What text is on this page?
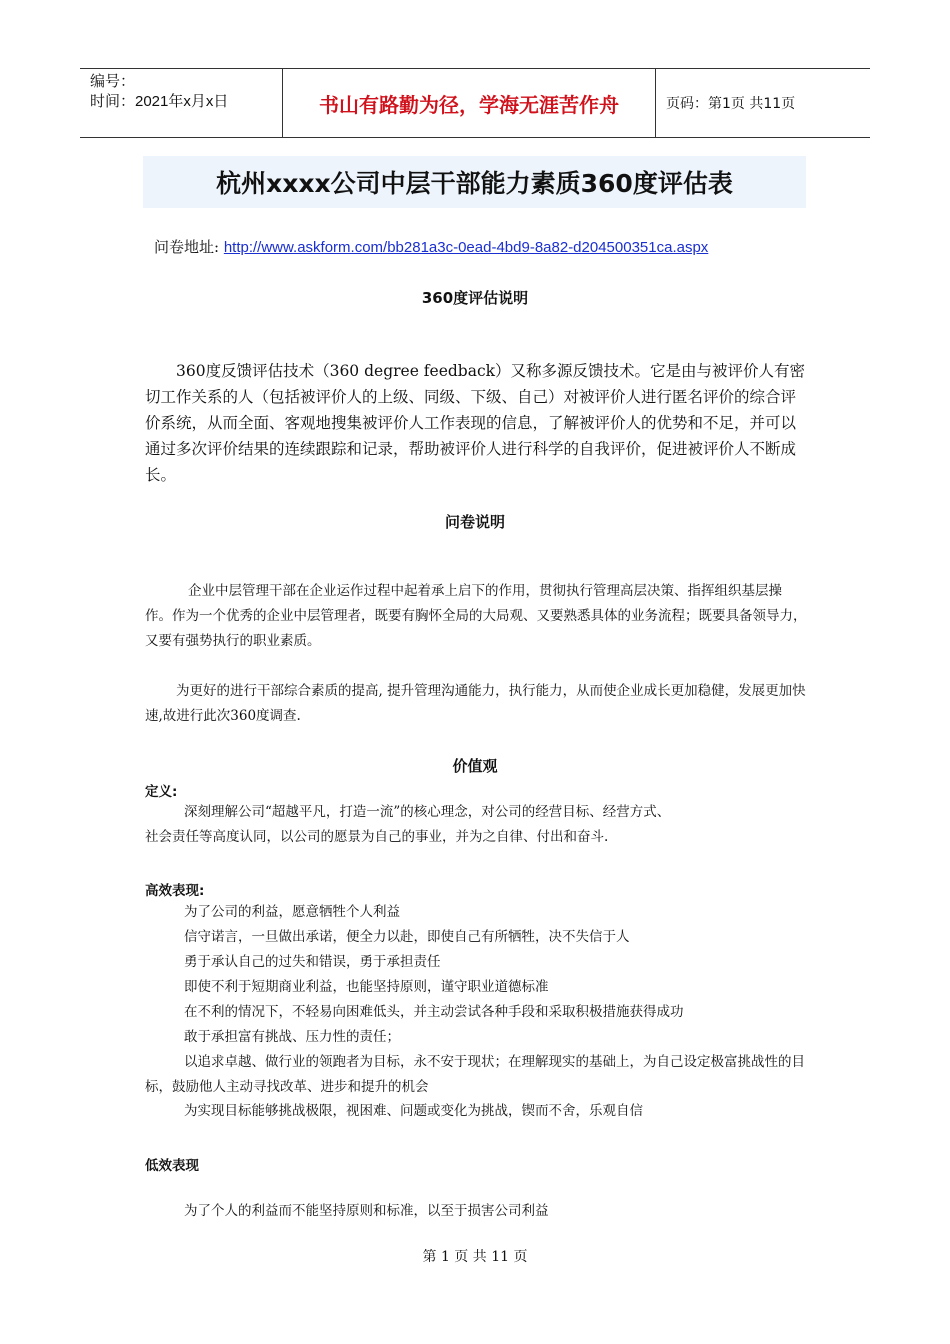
编号：
时间：2021年x月x日	书山有路勤为径，学海无涯苦作舟	页码：第1页 共11页
杭州xxxx公司中层干部能力素质360度评估表
问卷地址: http://www.askform.com/bb281a3c-0ead-4bd9-8a82-d204500351ca.aspx
360度评估说明
360度反馈评估技术（360 degree feedback）又称多源反馈技术。它是由与被评价人有密切工作关系的人（包括被评价人的上级、同级、下级、自己）对被评价人进行匿名评价的综合评价系统，从而全面、客观地搜集被评价人工作表现的信息，了解被评价人的优势和不足，并可以通过多次评价结果的连续跟踪和记录，帮助被评价人进行科学的自我评价，促进被评价人不断成长。
问卷说明
企业中层管理干部在企业运作过程中起着承上启下的作用，贯彻执行管理高层决策、指挥组织基层操作。作为一个优秀的企业中层管理者，既要有胸怀全局的大局观、又要熟悉具体的业务流程；既要具备领导力，又要有强势执行的职业素质。
为更好的进行干部综合素质的提高, 提升管理沟通能力，执行能力，从而使企业成长更加稳健，发展更加快速,故进行此次360度调查.
价值观
定义:
深刻理解公司“超越平凡，打造一流”的核心理念，对公司的经营目标、经营方式、
社会责任等高度认同，以公司的愿景为自己的事业，并为之自律、付出和奋斗.
高效表现:
为了公司的利益，愿意牺牲个人利益
信守诺言，一旦做出承诺，便全力以赴，即使自己有所牺牲，决不失信于人
勇于承认自己的过失和错误，勇于承担责任
即使不利于短期商业利益，也能坚持原则，谨守职业道德标准
在不利的情况下，不轻易向困难低头，并主动尝试各种手段和采取积极措施获得成功
敢于承担富有挑战、压力性的责任；
以追求卓越、做行业的领跑者为目标，永不安于现状；在理解现实的基础上，为自己设定极富挑战性的目标，鼓励他人主动寻找改革、进步和提升的机会
为实现目标能够挑战极限，视困难、问题或变化为挑战，锲而不舍，乐观自信
低效表现
为了个人的利益而不能坚持原则和标准，以至于损害公司利益
第 1 页 共 11 页
